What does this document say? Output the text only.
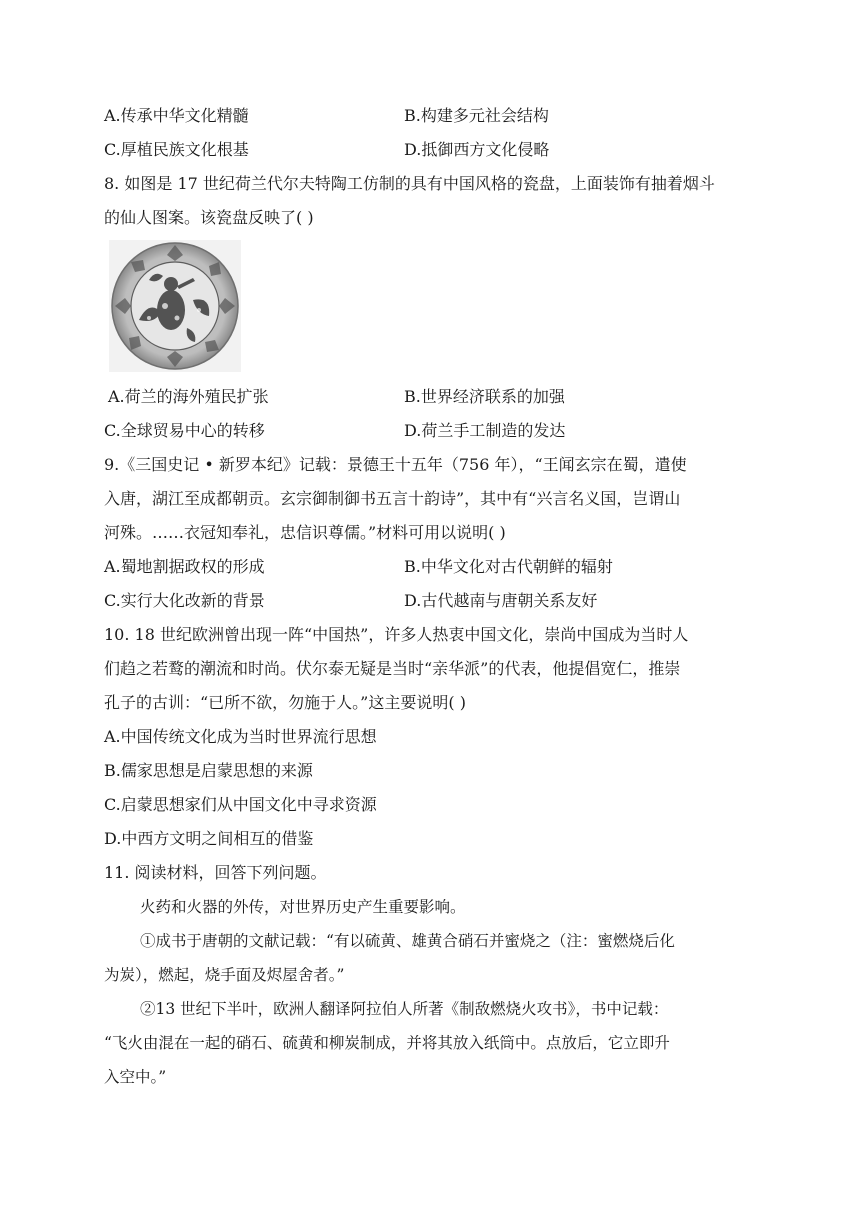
A.传承中华文化精髓	B.构建多元社会结构
C.厚植民族文化根基	D.抵御西方文化侵略
8. 如图是 17 世纪荷兰代尔夫特陶工仿制的具有中国风格的瓷盘，上面装饰有抽着烟斗
的仙人图案。该瓷盘反映了( )
A.荷兰的海外殖民扩张	B.世界经济联系的加强
C.全球贸易中心的转移	D.荷兰手工制造的发达
9.《三国史记 • 新罗本纪》记载：景德王十五年（756 年），“王闻玄宗在蜀，遣使
入唐，湖江至成都朝贡。玄宗御制御书五言十韵诗”，其中有“兴言名义国，岂谓山
河殊。……衣冠知奉礼，忠信识尊儒。”材料可用以说明( )
A.蜀地割据政权的形成	B.中华文化对古代朝鲜的辐射
C.实行大化改新的背景	D.古代越南与唐朝关系友好
10. 18 世纪欧洲曾出现一阵“中国热”，许多人热衷中国文化，崇尚中国成为当时人
们趋之若鹜的潮流和时尚。伏尔泰无疑是当时“亲华派”的代表，他提倡宽仁，推崇
孔子的古训：“已所不欲，勿施于人。”这主要说明( )
A.中国传统文化成为当时世界流行思想
B.儒家思想是启蒙思想的来源
C.启蒙思想家们从中国文化中寻求资源
D.中西方文明之间相互的借鉴
11. 阅读材料，回答下列问题。
火药和火器的外传，对世界历史产生重要影响。
①成书于唐朝的文献记载：“有以硫黄、雄黄合硝石并蜜烧之（注：蜜燃烧后化
为炭），燃起，烧手面及烬屋舍者。”
②13 世纪下半叶，欧洲人翻译阿拉伯人所著《制敌燃烧火攻书》，书中记载：
“飞火由混在一起的硝石、硫黄和柳炭制成，并将其放入纸筒中。点放后，它立即升
入空中。”
